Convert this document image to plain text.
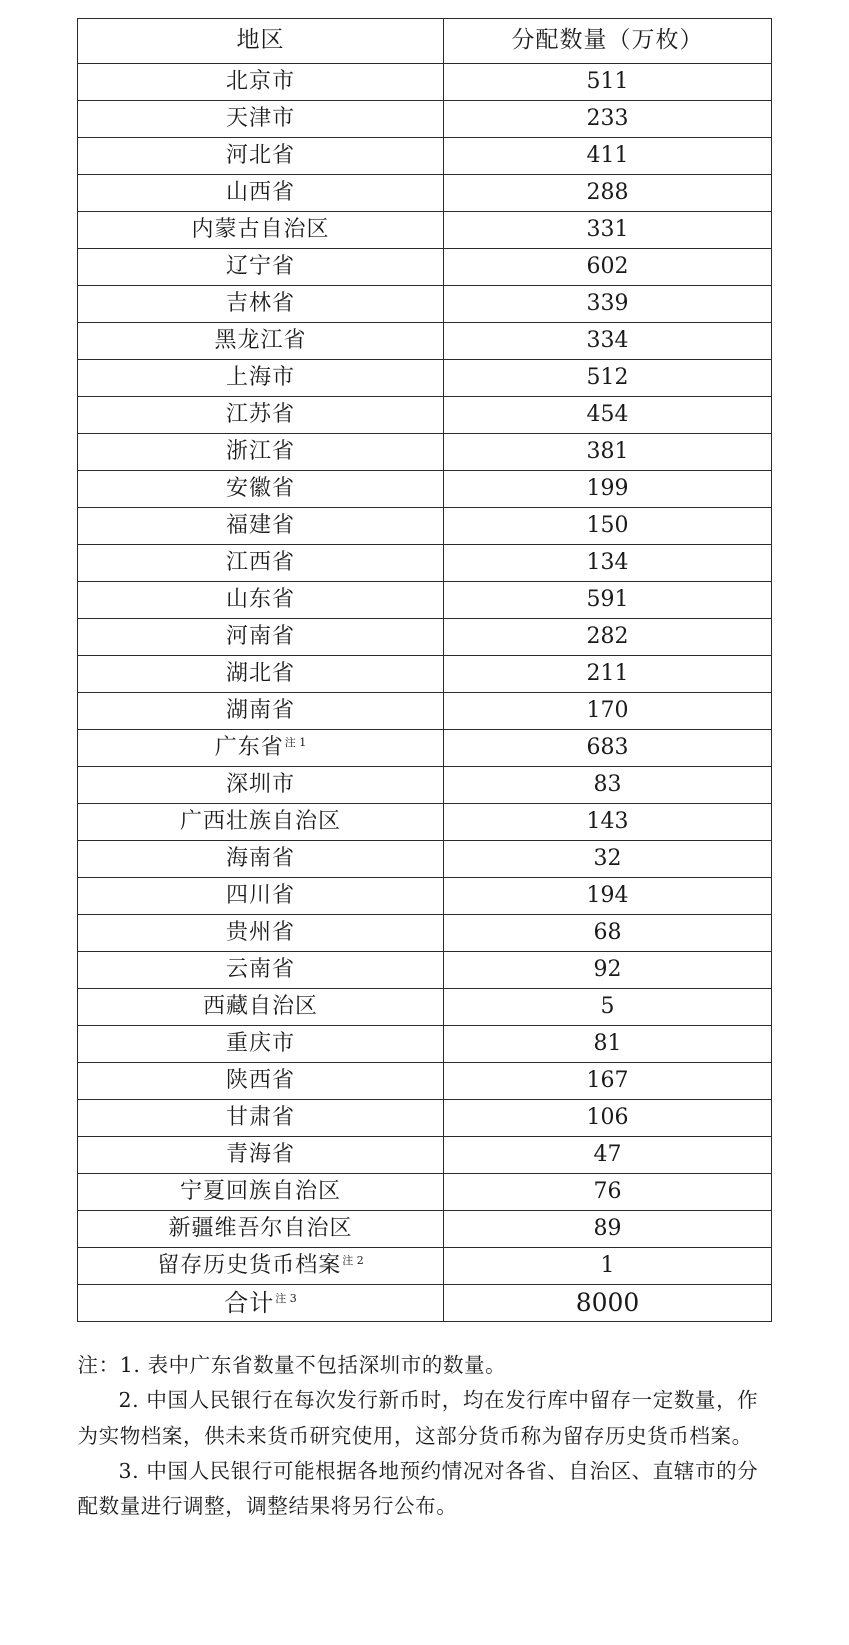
地区	分配数量（万枚）
北京市	511
天津市	233
河北省	411
山西省	288
内蒙古自治区	331
辽宁省	602
吉林省	339
黑龙江省	334
上海市	512
江苏省	454
浙江省	381
安徽省	199
福建省	150
江西省	134
山东省	591
河南省	282
湖北省	211
湖南省	170
广东省$^{注 1}$	683
深圳市	83
广西壮族自治区	143
海南省	32
四川省	194
贵州省	68
云南省	92
西藏自治区	5
重庆市	81
陕西省	167
甘肃省	106
青海省	47
宁夏回族自治区	76
新疆维吾尔自治区	89
留存历史货币档案$^{注 2}$	1
合计$^{注 3}$	8000

注：1. 表中广东省数量不包括深圳市的数量。

2. 中国人民银行在每次发行新币时，均在发行库中留存一定数量，作为实物档案，供未来货币研究使用，这部分货币称为留存历史货币档案。

3. 中国人民银行可能根据各地预约情况对各省、自治区、直辖市的分配数量进行调整，调整结果将另行公布。
